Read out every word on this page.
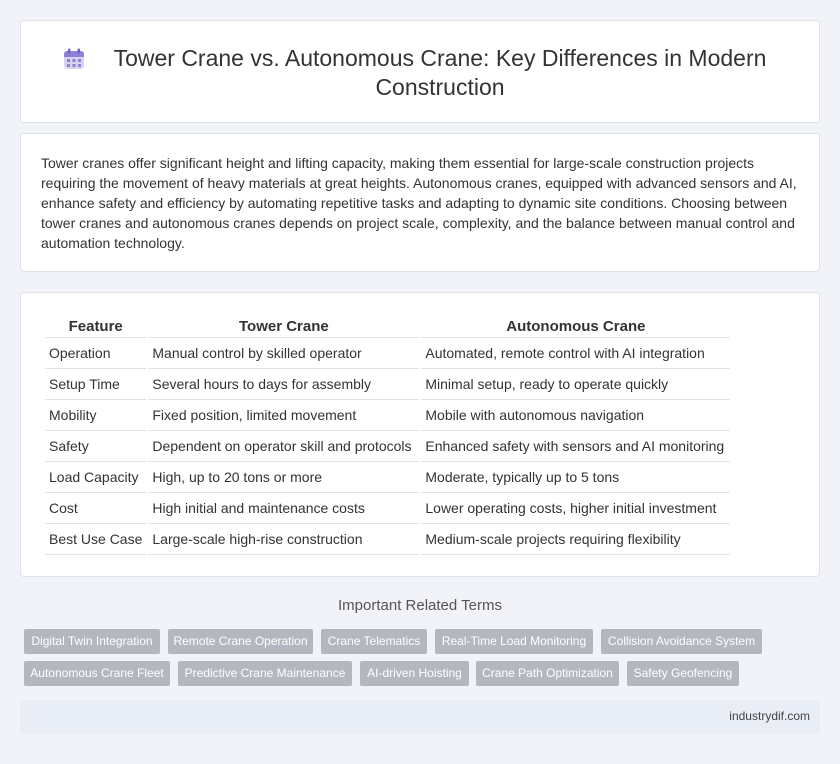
Tower Crane vs. Autonomous Crane: Key Differences in Modern Construction

Tower cranes offer significant height and lifting capacity, making them essential for large-scale construction projects requiring the movement of heavy materials at great heights. Autonomous cranes, equipped with advanced sensors and AI, enhance safety and efficiency by automating repetitive tasks and adapting to dynamic site conditions. Choosing between tower cranes and autonomous cranes depends on project scale, complexity, and the balance between manual control and automation technology.

Feature	Tower Crane	Autonomous Crane
Operation	Manual control by skilled operator	Automated, remote control with AI integration
Setup Time	Several hours to days for assembly	Minimal setup, ready to operate quickly
Mobility	Fixed position, limited movement	Mobile with autonomous navigation
Safety	Dependent on operator skill and protocols	Enhanced safety with sensors and AI monitoring
Load Capacity	High, up to 20 tons or more	Moderate, typically up to 5 tons
Cost	High initial and maintenance costs	Lower operating costs, higher initial investment
Best Use Case	Large-scale high-rise construction	Medium-scale projects requiring flexibility
Important Related Terms
Digital Twin Integration	Remote Crane Operation	Crane Telematics	Real-Time Load Monitoring	Collision Avoidance System
Autonomous Crane Fleet	Predictive Crane Maintenance	AI-driven Hoisting	Crane Path Optimization	Safety Geofencing
industrydif.com
